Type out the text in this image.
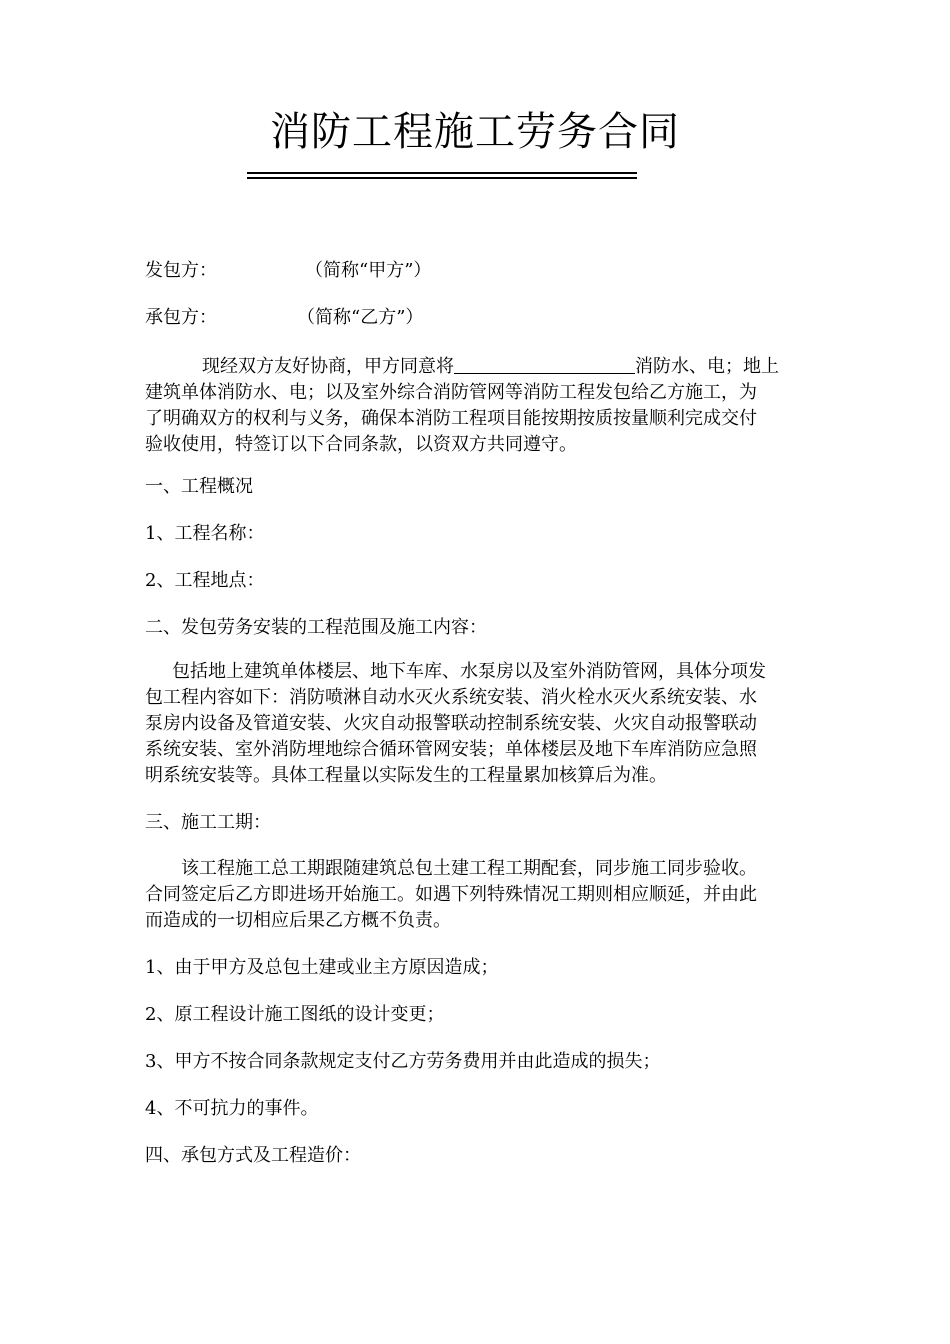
消防工程施工劳务合同
发包方：	（简称“甲方”）
承包方：	（简称“乙方”）
现经双方友好协商，甲方同意将	消防水、电；地上
建筑单体消防水、电；以及室外综合消防管网等消防工程发包给乙方施工，为
了明确双方的权利与义务，确保本消防工程项目能按期按质按量顺利完成交付
验收使用，特签订以下合同条款，以资双方共同遵守。
一、工程概况
1、工程名称：
2、工程地点：
二、发包劳务安装的工程范围及施工内容：
包括地上建筑单体楼层、地下车库、水泵房以及室外消防管网，具体分项发
包工程内容如下：消防喷淋自动水灭火系统安装、消火栓水灭火系统安装、水
泵房内设备及管道安装、火灾自动报警联动控制系统安装、火灾自动报警联动
系统安装、室外消防埋地综合循环管网安装；单体楼层及地下车库消防应急照
明系统安装等。具体工程量以实际发生的工程量累加核算后为准。
三、施工工期：
该工程施工总工期跟随建筑总包土建工程工期配套，同步施工同步验收。
合同签定后乙方即进场开始施工。如遇下列特殊情况工期则相应顺延，并由此
而造成的一切相应后果乙方概不负责。
1、由于甲方及总包土建或业主方原因造成；
2、原工程设计施工图纸的设计变更；
3、甲方不按合同条款规定支付乙方劳务费用并由此造成的损失；
4、不可抗力的事件。
四、承包方式及工程造价：
